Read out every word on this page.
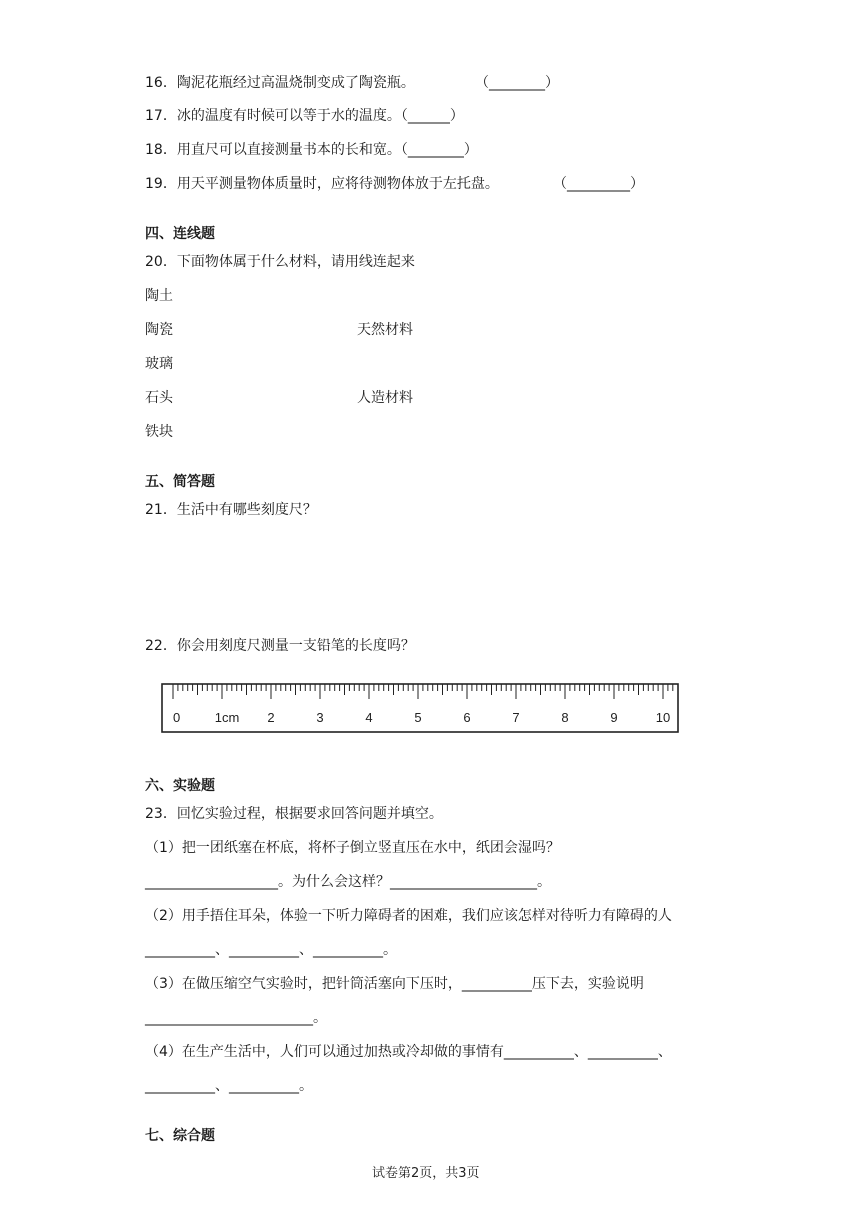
16．陶泥花瓶经过高温烧制变成了陶瓷瓶。	（________）
17．冰的温度有时候可以等于水的温度。（______）
18．用直尺可以直接测量书本的长和宽。（________）
19．用天平测量物体质量时，应将待测物体放于左托盘。	（_________）
四、连线题
20．下面物体属于什么材料，请用线连起来
陶土
陶瓷
玻璃
石头
铁块
天然材料
人造材料
五、简答题
21．生活中有哪些刻度尺？
22．你会用刻度尺测量一支铅笔的长度吗？
0	1cm 2	3	4	5	6	7	8	9	10
六、实验题
23．回忆实验过程，根据要求回答问题并填空。
（1）把一团纸塞在杯底，将杯子倒立竖直压在水中，纸团会湿吗？
___________________。为什么会这样？_____________________。
（2）用手捂住耳朵，体验一下听力障碍者的困难，我们应该怎样对待听力有障碍的人
__________、__________、__________。
（3）在做压缩空气实验时，把针筒活塞向下压时，__________压下去，实验说明
________________________。
（4）在生产生活中，人们可以通过加热或冷却做的事情有__________、__________、
__________、__________。
七、综合题
试卷第2页，共3页
